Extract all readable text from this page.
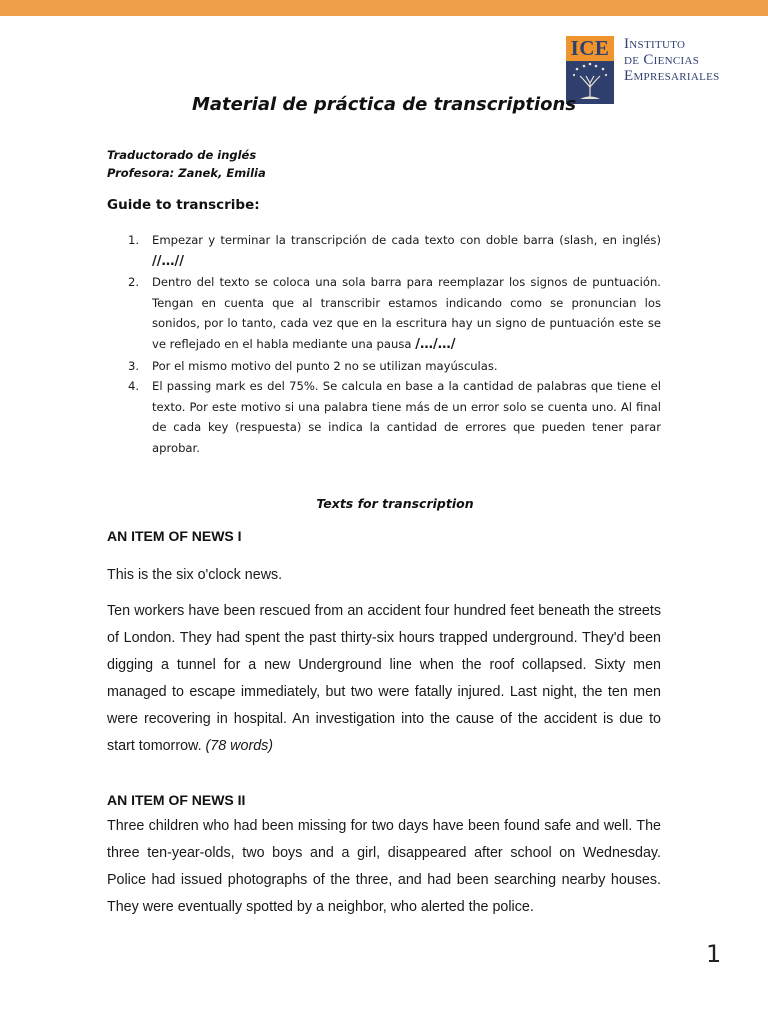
ICE Instituto
de Ciencias
Empresariales
Material de práctica de transcriptions
Traductorado de inglés
Profesora: Zanek, Emilia
Guide to transcribe:
1. Empezar y terminar la transcripción de cada texto con doble barra (slash, en inglés) //…//
2. Dentro del texto se coloca una sola barra para reemplazar los signos de puntuación. Tengan en cuenta que al transcribir estamos indicando como se pronuncian los sonidos, por lo tanto, cada vez que en la escritura hay un signo de puntuación este se ve reflejado en el habla mediante una pausa /…/…/
3. Por el mismo motivo del punto 2 no se utilizan mayúsculas.
4. El passing mark es del 75%. Se calcula en base a la cantidad de palabras que tiene el texto. Por este motivo si una palabra tiene más de un error solo se cuenta uno. Al final de cada key (respuesta) se indica la cantidad de errores que pueden tener parar aprobar.
Texts for transcription
AN ITEM OF NEWS I

This is the six o'clock news.

Ten workers have been rescued from an accident four hundred feet beneath the streets of London. They had spent the past thirty-six hours trapped underground. They'd been digging a tunnel for a new Underground line when the roof collapsed. Sixty men managed to escape immediately, but two were fatally injured. Last night, the ten men were recovering in hospital. An investigation into the cause of the accident is due to start tomorrow. (78 words)

AN ITEM OF NEWS II

Three children who had been missing for two days have been found safe and well. The three ten-year-olds, two boys and a girl, disappeared after school on Wednesday. Police had issued photographs of the three, and had been searching nearby houses. They were eventually spotted by a neighbor, who alerted the police.

1
